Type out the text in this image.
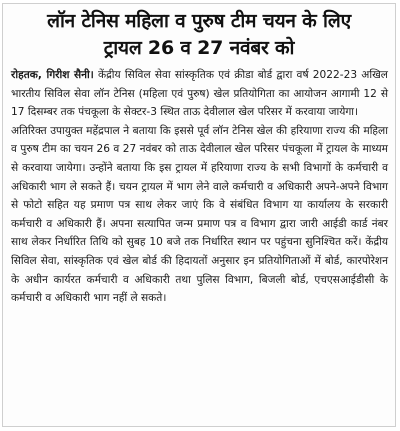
लॉन टेनिस महिला व पुरुष टीम चयन के लिए
ट्रायल 26 व 27 नवंबर को

रोहतक, गिरीश सैनी। केंद्रीय सिविल सेवा सांस्कृतिक एवं क्रीडा बोर्ड द्वारा वर्ष 2022-23 अखिल भारतीय सिविल सेवा लॉन टेनिस (महिला एवं पुरुष) खेल प्रतियोगिता का आयोजन आगामी 12 से 17 दिसम्बर तक पंचकूला के सेक्टर-3 स्थित ताऊ देवीलाल खेल परिसर में करवाया जायेगा।

अतिरिक्त उपायुक्त महेंद्रपाल ने बताया कि इससे पूर्व लॉन टेनिस खेल की हरियाणा राज्य की महिला व पुरुष टीम का चयन 26 व 27 नवंबर को ताऊ देवीलाल खेल परिसर पंचकूला में ट्रायल के माध्यम से करवाया जायेगा। उन्होंने बताया कि इस ट्रायल में हरियाणा राज्य के सभी विभागों के कर्मचारी व अधिकारी भाग ले सकते हैं। चयन ट्रायल में भाग लेने वाले कर्मचारी व अधिकारी अपने-अपने विभाग से फोटो सहित यह प्रमाण पत्र साथ लेकर जाएं कि वे संबंधित विभाग या कार्यालय के सरकारी कर्मचारी व अधिकारी हैं। अपना सत्यापित जन्म प्रमाण पत्र व विभाग द्वारा जारी आईडी कार्ड नंबर साथ लेकर निर्धारित तिथि को सुबह 10 बजे तक निर्धारित स्थान पर पहुंचना सुनिश्चित करें। केंद्रीय सिविल सेवा, सांस्कृतिक एवं खेल बोर्ड की हिदायतों अनुसार इन प्रतियोगिताओं में बोर्ड, कारपोरेशन के अधीन कार्यरत कर्मचारी व अधिकारी तथा पुलिस विभाग, बिजली बोर्ड, एचएसआईडीसी के कर्मचारी व अधिकारी भाग नहीं ले सकते।
